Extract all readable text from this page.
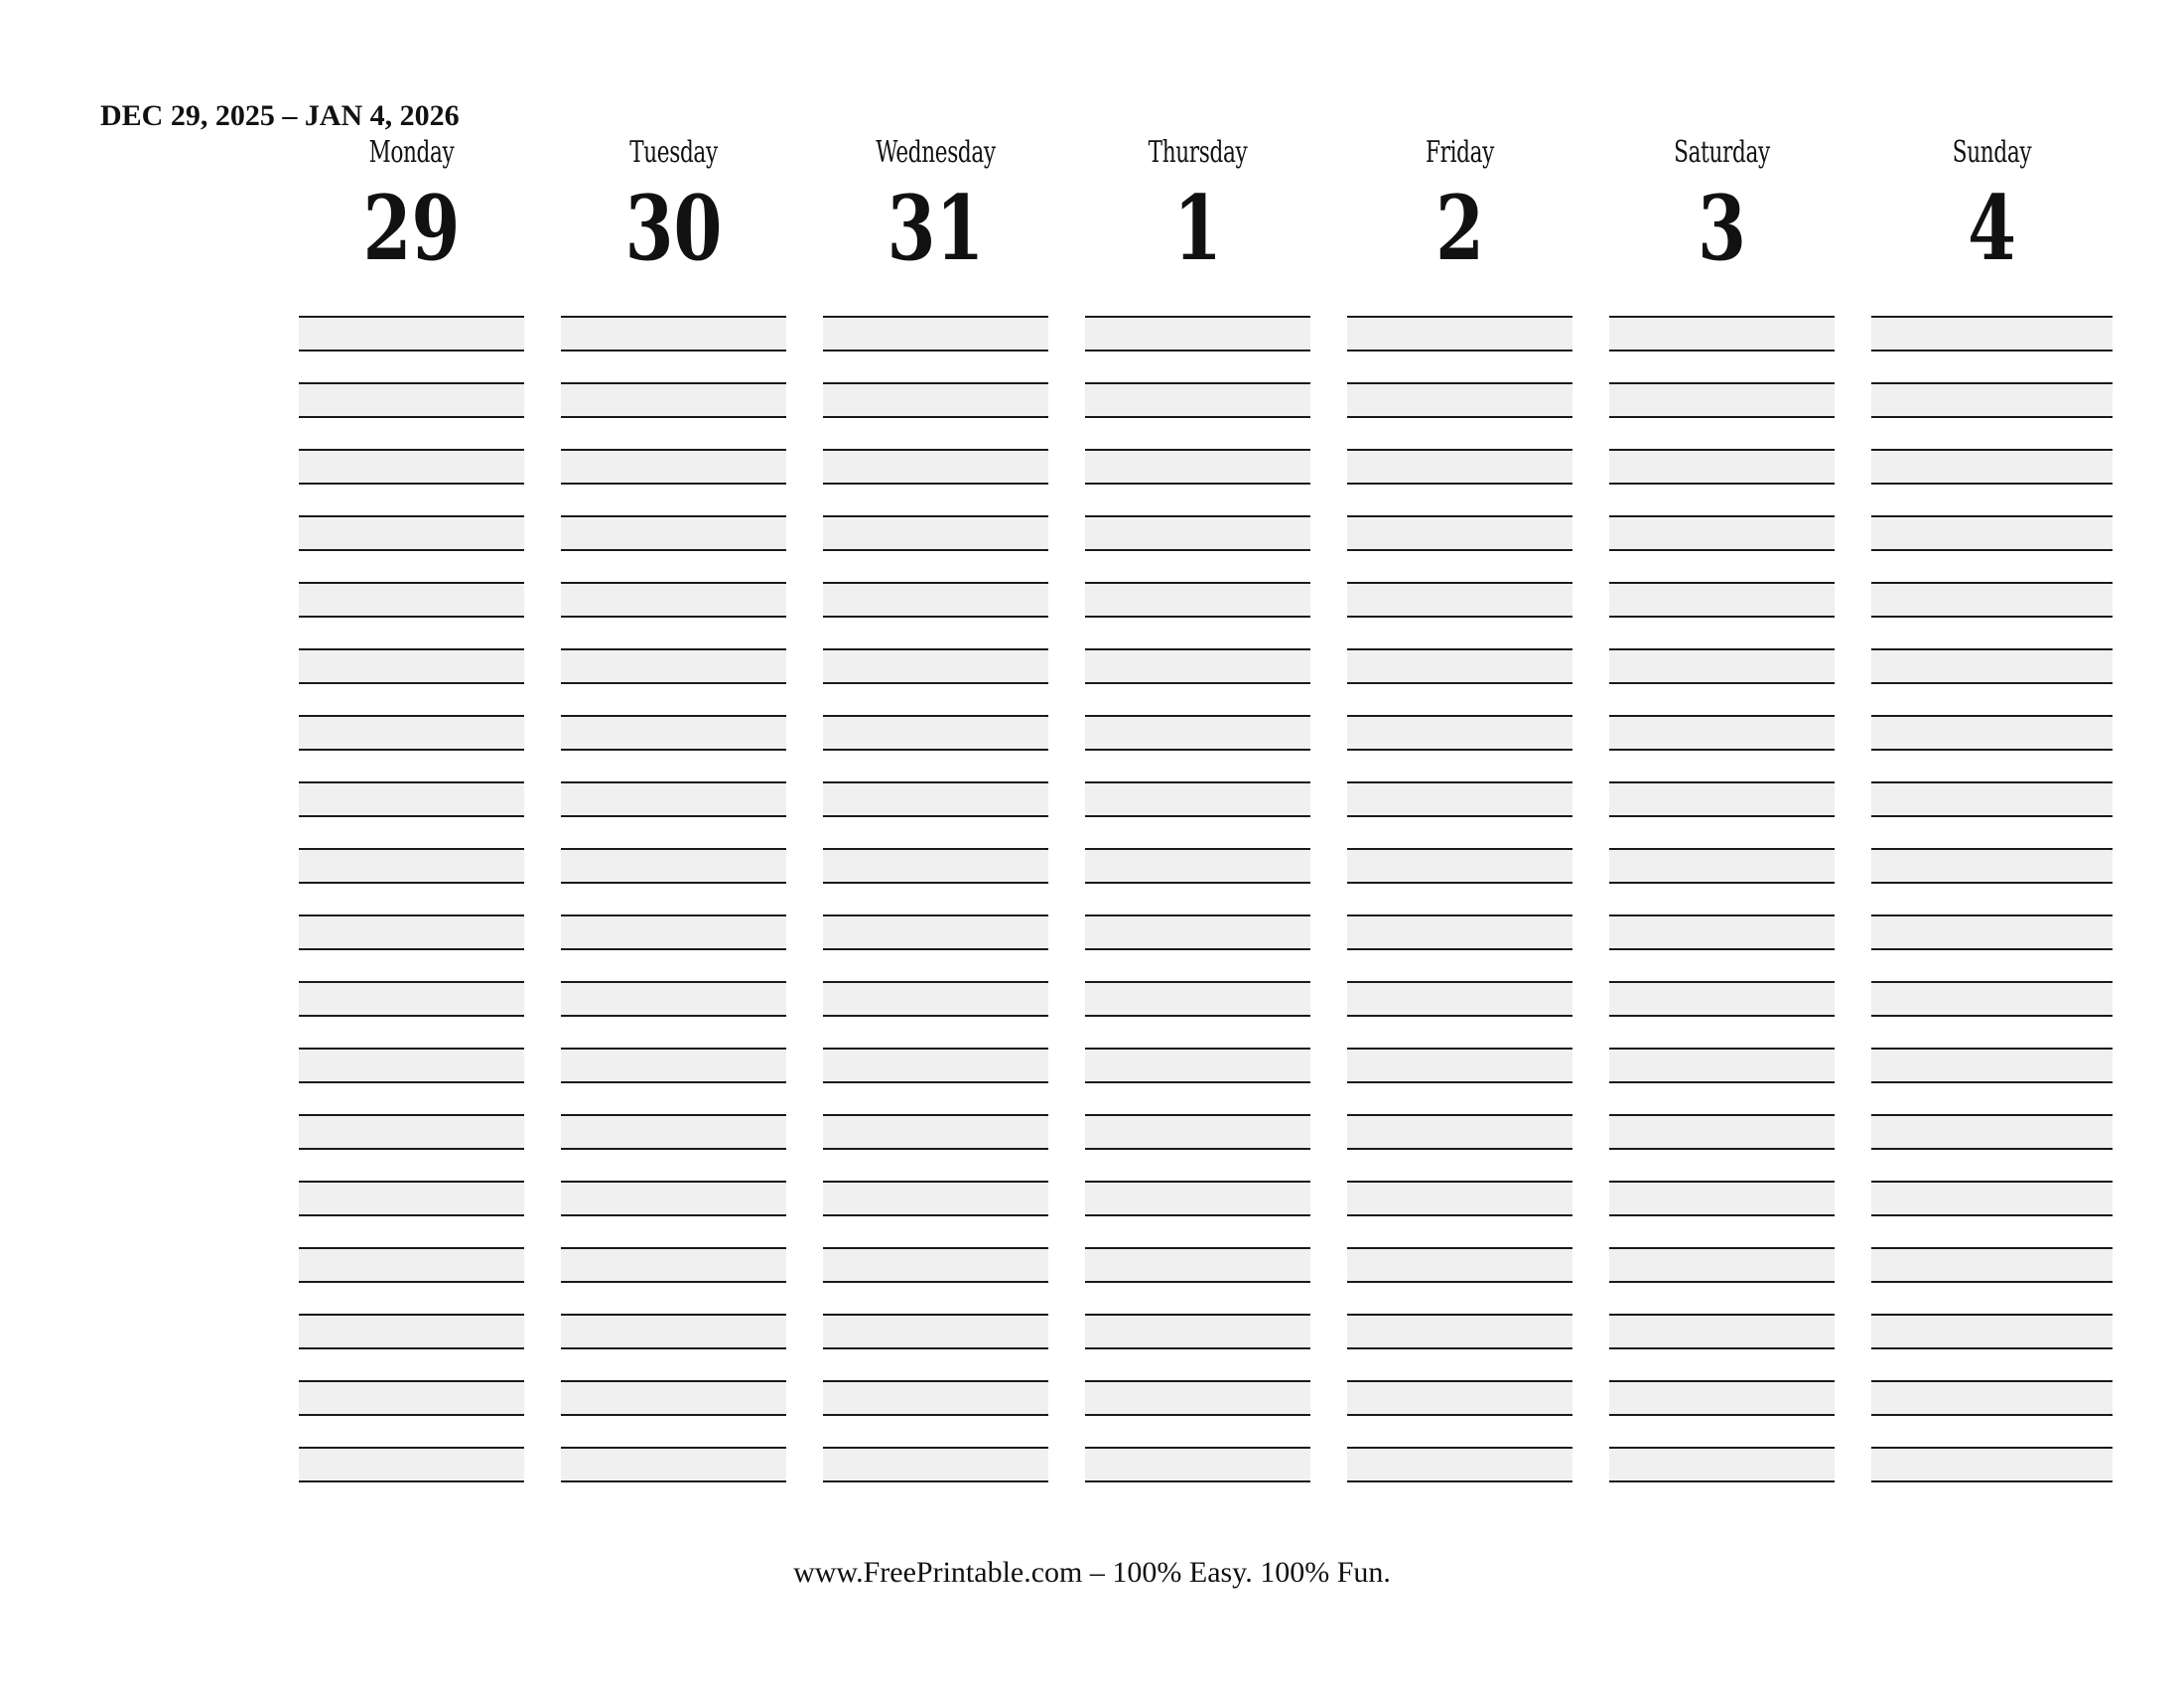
DEC 29, 2025 – JAN 4, 2026
Monday
29
Tuesday
30
Wednesday
31
Thursday
1
Friday
2
Saturday
3
Sunday
4
www.FreePrintable.com – 100% Easy. 100% Fun.
